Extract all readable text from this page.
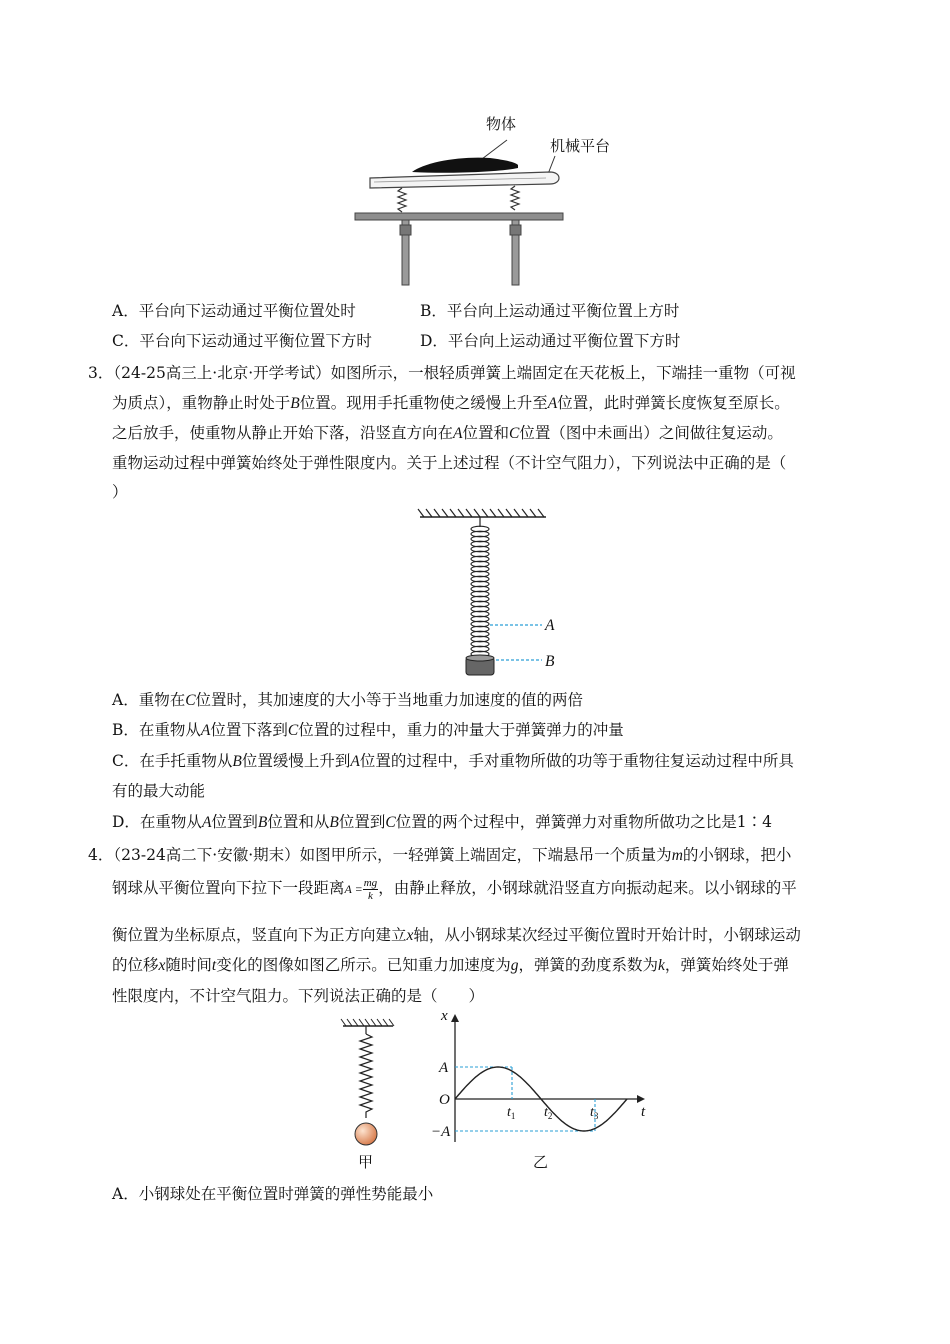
物体
机械平台
A．平台向下运动通过平衡位置处时	B．平台向上运动通过平衡位置上方时
C．平台向下运动通过平衡位置下方时	D．平台向上运动通过平衡位置下方时
3．（24-25高三上·北京·开学考试）如图所示，一根轻质弹簧上端固定在天花板上，下端挂一重物（可视
为质点），重物静止时处于B位置。现用手托重物使之缓慢上升至A位置，此时弹簧长度恢复至原长。
之后放手，使重物从静止开始下落，沿竖直方向在A位置和C位置（图中未画出）之间做往复运动。
重物运动过程中弹簧始终处于弹性限度内。关于上述过程（不计空气阻力），下列说法中正确的是（
）
A
B
A．重物在C位置时，其加速度的大小等于当地重力加速度的值的两倍
B．在重物从A位置下落到C位置的过程中，重力的冲量大于弹簧弹力的冲量
C．在手托重物从B位置缓慢上升到A位置的过程中，手对重物所做的功等于重物往复运动过程中所具
有的最大动能
D．在重物从A位置到B位置和从B位置到C位置的两个过程中，弹簧弹力对重物所做功之比是1∶4
4．（23-24高二下·安徽·期末）如图甲所示，一轻弹簧上端固定，下端悬吊一个质量为m的小钢球，把小
钢球从平衡位置向下拉下一段距离$A = \frac{mg}{k}$ ，由静止释放，小钢球就沿竖直方向振动起来。以小钢球的平
衡位置为坐标原点，竖直向下为正方向建立x轴，从小钢球某次经过平衡位置时开始计时，小钢球运动
的位移x随时间t变化的图像如图乙所示。已知重力加速度为g，弹簧的劲度系数为k，弹簧始终处于弹
性限度内，不计空气阻力。下列说法正确的是（　　）
甲
x
t
A
O
−A
$t_1$ $t_2$	$t_3$
乙
A．小钢球处在平衡位置时弹簧的弹性势能最小
